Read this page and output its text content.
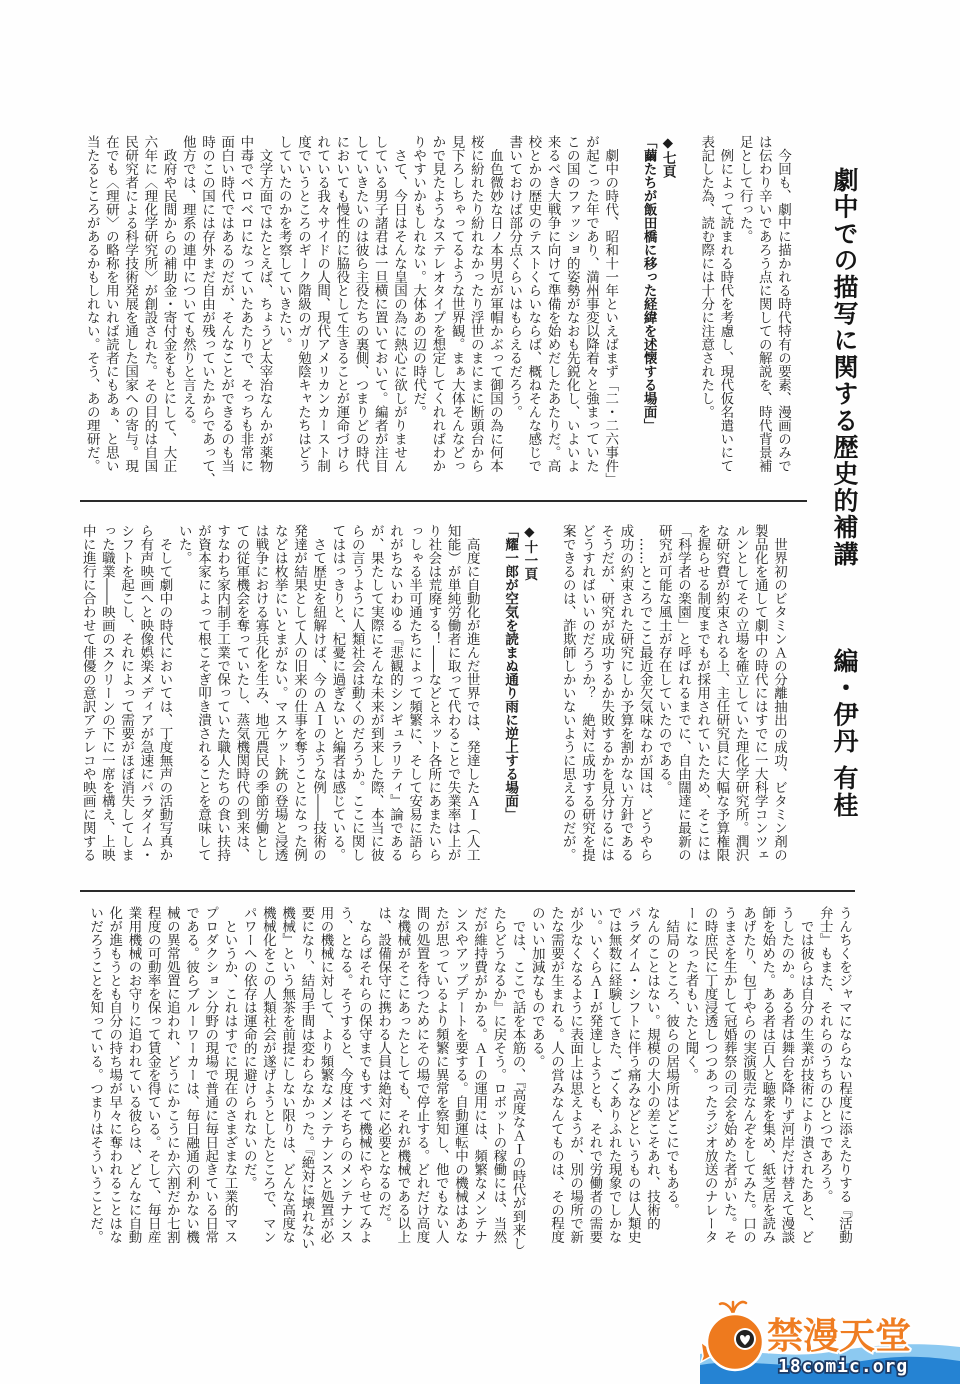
劇中での描写に関する歴史的補講
編・伊丹 有桂
　今回も、劇中に描かれる時代特有の要素、漫画のみで
は伝わり辛いであろう点に関しての解説を、時代背景補
足として行った。
　例によって読まれる時代を考慮し、現代仮名遣いにて
表記した為、読む際には十分に注意されたし。
◆七頁
「繭たちが飯田橋に移った経緯を述懐する場面」
　劇中の時代、昭和十一年といえばまず「二・二六事件」
が起こった年であり、満州事変以降着々と強まっていた
この国のファッショ的姿勢がなおも先鋭化し、いよいよ
来るべき大戦争に向けて準備を始めだしたあたりだ。高
校とかの歴史のテストくらいならば、概ねそんな感じで
書いておけば部分点くらいはもらえるだろう。
　血色微妙な日ノ本男児が軍帽かぶって御国の為に何本
桜に紛れたり紛れなかったり浮世のまにまに断頭台から
見下ろしちゃってるような世界観。まぁ大体そんなどっ
かで見たようなステレオタイプを想定してくれればわか
りやすいかもしれない。大体あの辺の時代だ。
　さて、今日はそんな皇国の為に熱心に欲しがりません
している男子諸君は一旦横に置いておいて。編者が注目
していきたいのは彼ら主役たちの裏側、つまりどの時代
においても慢性的に脇役として生きることが運命づけら
れている我々サイドの人間、現代アメリカンカースト制
度でいうところのギーク階級のガリ勉陰キャたちはどう
していたのかを考察していきたい。
　文学方面ではたとえば、ちょうど太宰治なんかが薬物
中毒でベロベロになっていたあたりで、そっちも非常に
面白い時代ではあるのだが、そんなことができるのも当
時のこの国には存外まだ自由が残っていたからであって、
他方では、理系の連中についても然りと言える。
　政府や民間からの補助金・寄付金をもとにして、大正
六年に〈理化学研究所〉が創設された。その目的は自国
民研究者による科学技術発展を通した国家への寄与。現
在でも〈理研〉の略称を用いれば読者にもあぁ、と思い
当たるところがあるかもしれない。そう、あの理研だ。
　世界初のビタミンＡの分離抽出の成功、ビタミン剤の
製品化を通して劇中の時代にはすでに一大科学コンツェ
ルンとしてその立場を確立していた理化学研究所。潤沢
な研究費が約束される上、主任研究員に大幅な予算権限
を握らせる制度までもが採用されていたため、そこには
「科学者の楽園」と呼ばれるまでに、自由闊達に最新の
研究が可能な風土が存在していたのである。
　……ところでここ最近金欠気味なわが国は、どうやら
成功の約束された研究にしか予算を割かない方針である
そうだが、研究が成功するか失敗するかを見分けるには
どうすればいいのだろうか？　絶対に成功する研究を提
案できるのは、詐欺師しかいないように思えるのだが。
◆十一頁
「耀一郎が空気を読まぬ通り雨に逆上する場面」
　高度に自動化が進んだ世界では、発達したＡＩ（人工
知能）が単純労働者に取って代わることで失業率は上が
り社会は荒廃する！――などとネット各所にあまたいら
っしゃる半可通たちによって頻繁に、そして安易に語ら
れがちないわゆる『悲観的シンギュラリティ』論である
が、果たして実際にそんな未来が到来した際、本当に彼
らの言うように人類社会は動くのだろうか。ここに関し
てははっきりと、杞憂に過ぎないと編者は感じている。
　さて歴史を紐解けば、今のＡＩのような例――技術の
発達が結果として人の旧来の仕事を奪うことになった例
などは枚挙にいとまがない。マスケット銃の登場と浸透
は戦争における寡兵化を生み、地元農民の季節労働とし
ての従軍機会を奪っていたし、蒸気機関時代の到来は、
すなわち家内制手工業で保っていた職人たちの食い扶持
が資本家によって根こそぎ叩き潰されることを意味して
いた。
　そして劇中の時代においては、丁度無声の活動写真か
ら有声映画へと映像娯楽メディアが急速にパラダイム・
シフトを起こし、それによって需要がほぼ消失してしま
った職業――映画のスクリーンの下に一席を構え、上映
中に進行に合わせて俳優の意訳アテレコや映画に関する
うんちくをジャマにならない程度に添えたりする『活動
弁士』もまた、それらのうちのひとつであろう。
　では彼らは自分の生業が技術により潰されたあと、ど
うしたのか。ある者は舞台を降りず河岸だけ替えて漫談
師を始めた。ある者は百人と聴衆を集め、紙芝居を読み
あげたり、包丁やらの実演販売なんぞをしてみた。口の
うまさを生かして冠婚葬祭の司会を始めた者がいた。そ
の時庶民に丁度浸透しつつあったラジオ放送のナレータ
ーになった者もいたと聞く。
　結局のところ、彼らの居場所はどこにでもある。
なんのことはない。規模の大小の差こそあれ、技術的
パラダイム・シフトに伴う痛みなどというものは人類史
では無数に経験してきた、ごくありふれた現象でしかな
い。いくらＡＩが発達しようとも、それで労働者の需要
が少なくなるように表面上は思えようが、別の場所で新
たな需要が生まれる。人の営みなんてものは、その程度
のいい加減なものである。
　では、ここで話を本筋の、『高度なＡＩの時代が到来し
たらどうなるか』に戻そう。ロボットの稼働には、当然
だが維持費がかかる。ＡＩの運用には、頻繁なメンテナ
ンスやアップデートを要する。自動運転中の機械はあな
たが思っているより頻繁に異常を察知し、他でもない人
間の処置を待つためにその場で停止する。どれだけ高度
な機械がそこにあったとしても、それが機械である以上
は、設備保守に携わる人員は絶対に必要となるのだ。
　ならばそれらの保守までもすべて機械にやらせてみよ
う、となる。そうすると、今度はそちらのメンテナンス
用の機械に対して、より頻繁なメンテナンスと処置が必
要になり、結局手間は変わらなかった。『絶対に壊れない
機械』という無茶を前提にしない限りは、どんな高度な
機械化をこの人類社会が遂げようとしたところで、マン
パワーへの依存は運命的に避けられないのだ。
　というか、これはすでに現在のさまざまな工業的マス
プロダクション分野の現場で普通に毎日起きている日常
である。彼らブルーワーカーは、毎日融通の利かない機
械の異常処置に追われ、どうにかこうにか六割だか七割
程度の可動率を保って賃金を得ている。そして、毎日産
業用機械のお守りに追われている彼らは、どんなに自動
化が進もうとも自分の持ち場が早々に奪われることはな
いだろうことを知っている。つまりはそういうことだ。
禁漫天堂
18comic.org
